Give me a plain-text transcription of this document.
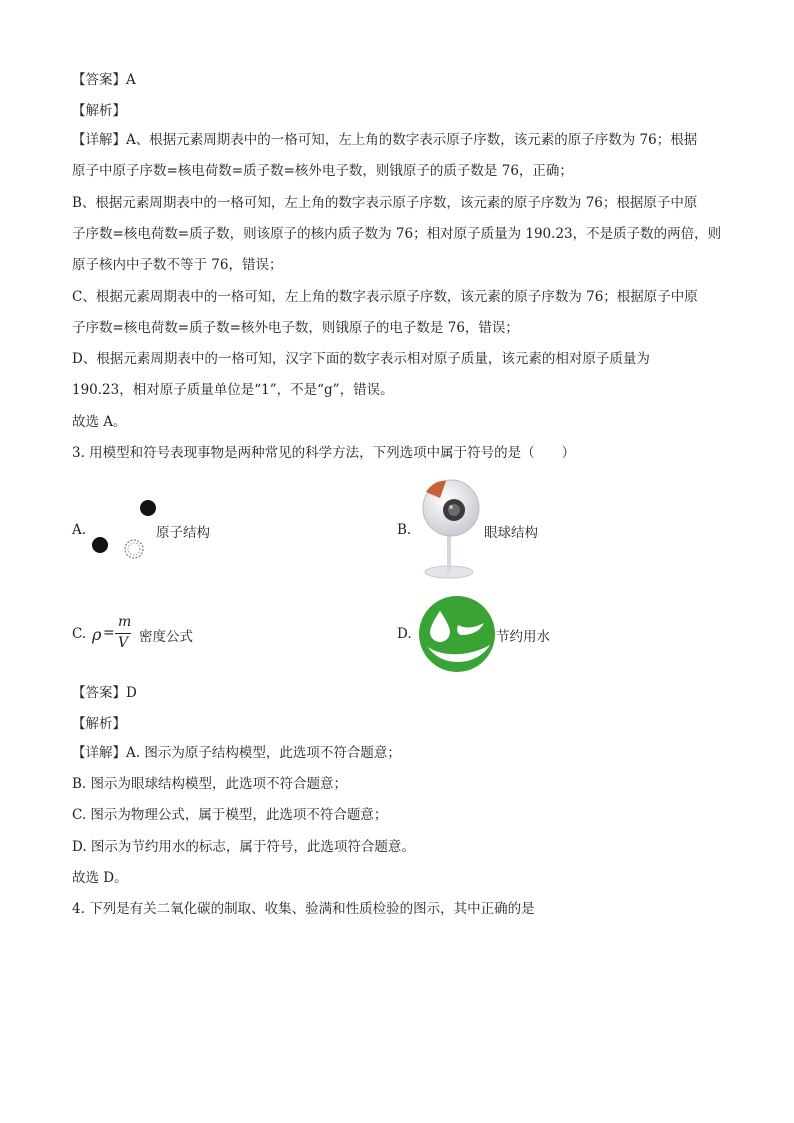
【答案】A
【解析】
【详解】A、根据元素周期表中的一格可知，左上角的数字表示原子序数，该元素的原子序数为 76；根据
原子中原子序数=核电荷数=质子数=核外电子数，则锇原子的质子数是 76，正确；
B、根据元素周期表中的一格可知，左上角的数字表示原子序数，该元素的原子序数为 76；根据原子中原
子序数=核电荷数=质子数，则该原子的核内质子数为 76；相对原子质量为 190.23，不是质子数的两倍，则
原子核内中子数不等于 76，错误；
C、根据元素周期表中的一格可知，左上角的数字表示原子序数，该元素的原子序数为 76；根据原子中原
子序数=核电荷数=质子数=核外电子数，则锇原子的电子数是 76，错误；
D、根据元素周期表中的一格可知，汉字下面的数字表示相对原子质量，该元素的相对原子质量为
190.23，相对原子质量单位是“1”，不是“g”，错误。
故选 A。
3. 用模型和符号表现事物是两种常见的科学方法，下列选项中属于符号的是（　　）
A.	原子结构	B.	眼球结构
C. ρ =
m
V 密度公式	D.	节约用水
【答案】D
【解析】
【详解】A. 图示为原子结构模型，此选项不符合题意；
B. 图示为眼球结构模型，此选项不符合题意；
C. 图示为物理公式，属于模型，此选项不符合题意；
D. 图示为节约用水的标志，属于符号，此选项符合题意。
故选 D。
4. 下列是有关二氧化碳的制取、收集、验满和性质检验的图示，其中正确的是
